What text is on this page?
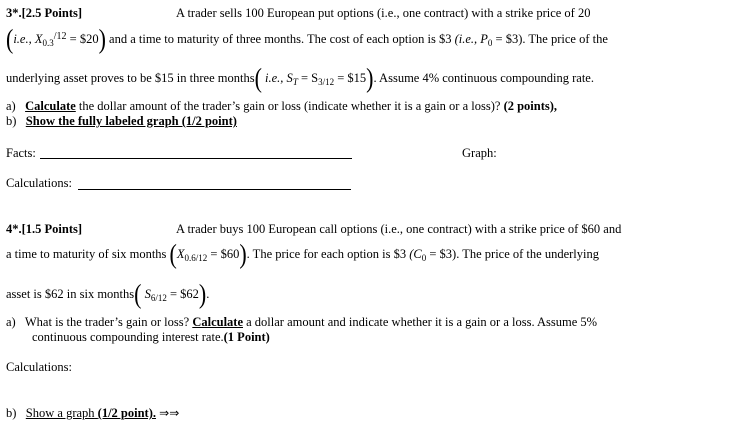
3*.[2.5 Points]	A trader sells 100 European put options (i.e., one contract) with a strike price of 20
(i.e., $X_{0.3}^{/12}$ = $20) and a time to maturity of three months. The cost of each option is $3 (i.e., $P_0$ = $3). The price of the
underlying asset proves to be $15 in three months( i.e., $S_T = S_{3/12}$ = $15). Assume 4% continuous compounding rate.
a) Calculate the dollar amount of the trader’s gain or loss (indicate whether it is a gain or a loss)? (2 points),
b) Show the fully labeled graph (1/2 point)
Facts:	Graph:
Calculations:
4*.[1.5 Points]	A trader buys 100 European call options (i.e., one contract) with a strike price of $60 and
a time to maturity of six months ($X_{0.6/12}$ = $60). The price for each option is $3 ($C_0$ = $3). The price of the underlying
asset is $62 in six months( $S_{6/12}$ = $62).
a) What is the trader’s gain or loss? Calculate a dollar amount and indicate whether it is a gain or a loss. Assume 5%
continuous compounding interest rate.(1 Point)
Calculations:
b) Show a graph (1/2 point). ⇒⇒
